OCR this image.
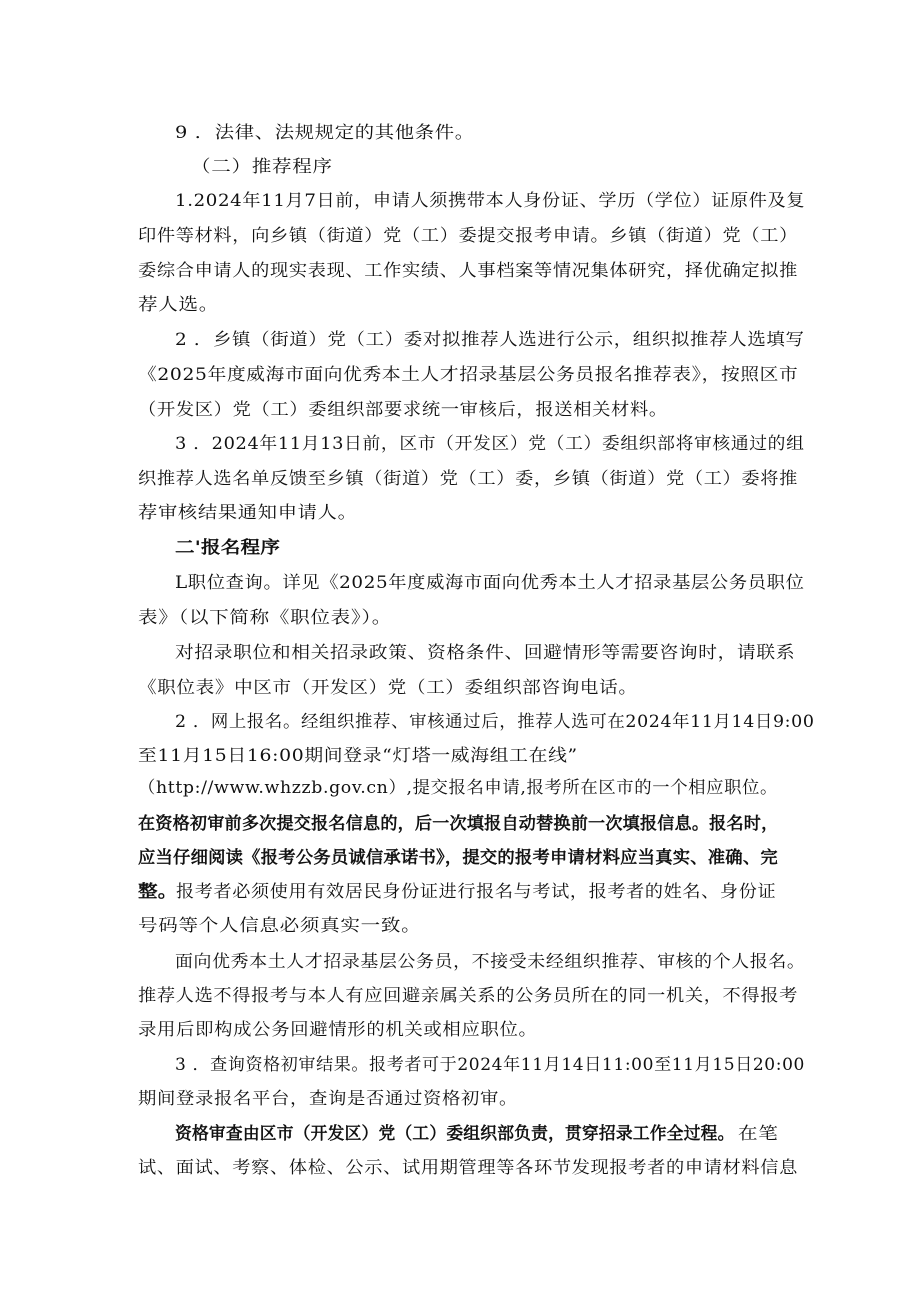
9 ．法律、法规规定的其他条件。
（二）推荐程序
1.2024年11月7日前，申请人须携带本人身份证、学历（学位）证原件及复
印件等材料，向乡镇（街道）党（工）委提交报考申请。乡镇（街道）党（工）
委综合申请人的现实表现、工作实绩、人事档案等情况集体研究，择优确定拟推
荐人选。
2 ．乡镇（街道）党（工）委对拟推荐人选进行公示，组织拟推荐人选填写
《2025年度威海市面向优秀本土人才招录基层公务员报名推荐表》，按照区市
（开发区）党（工）委组织部要求统一审核后，报送相关材料。
3 ．2024年11月13日前，区市（开发区）党（工）委组织部将审核通过的组
织推荐人选名单反馈至乡镇（街道）党（工）委，乡镇（街道）党（工）委将推
荐审核结果通知申请人。
二'报名程序
L职位查询。详见《2025年度威海市面向优秀本土人才招录基层公务员职位
表》（以下简称《职位表》）。
对招录职位和相关招录政策、资格条件、回避情形等需要咨询时，请联系
《职位表》中区市（开发区）党（工）委组织部咨询电话。
2 ．网上报名。经组织推荐、审核通过后，推荐人选可在2024年11月14日9:00
至11月15日16:00期间登录“灯塔一威海组工在线”
（http://www.whzzb.gov.cn）,提交报名申请,报考所在区市的一个相应职位。
在资格初审前多次提交报名信息的，后一次填报自动替换前一次填报信息。报名时，
应当仔细阅读《报考公务员诚信承诺书》，提交的报考申请材料应当真实、准确、完
整。
报考者必须使用有效居民身份证进行报名与考试，报考者的姓名、身份证
号码等个人信息必须真实一致。
面向优秀本土人才招录基层公务员，不接受未经组织推荐、审核的个人报名。
推荐人选不得报考与本人有应回避亲属关系的公务员所在的同一机关，不得报考
录用后即构成公务回避情形的机关或相应职位。
3 ．查询资格初审结果。报考者可于2024年11月14日11:00至11月15日20:00
期间登录报名平台，查询是否通过资格初审。
资格审查由区市（开发区）党（工）委组织部负责，贯穿招录工作全过程。 在笔
试、面试、考察、体检、公示、试用期管理等各环节发现报考者的申请材料信息
